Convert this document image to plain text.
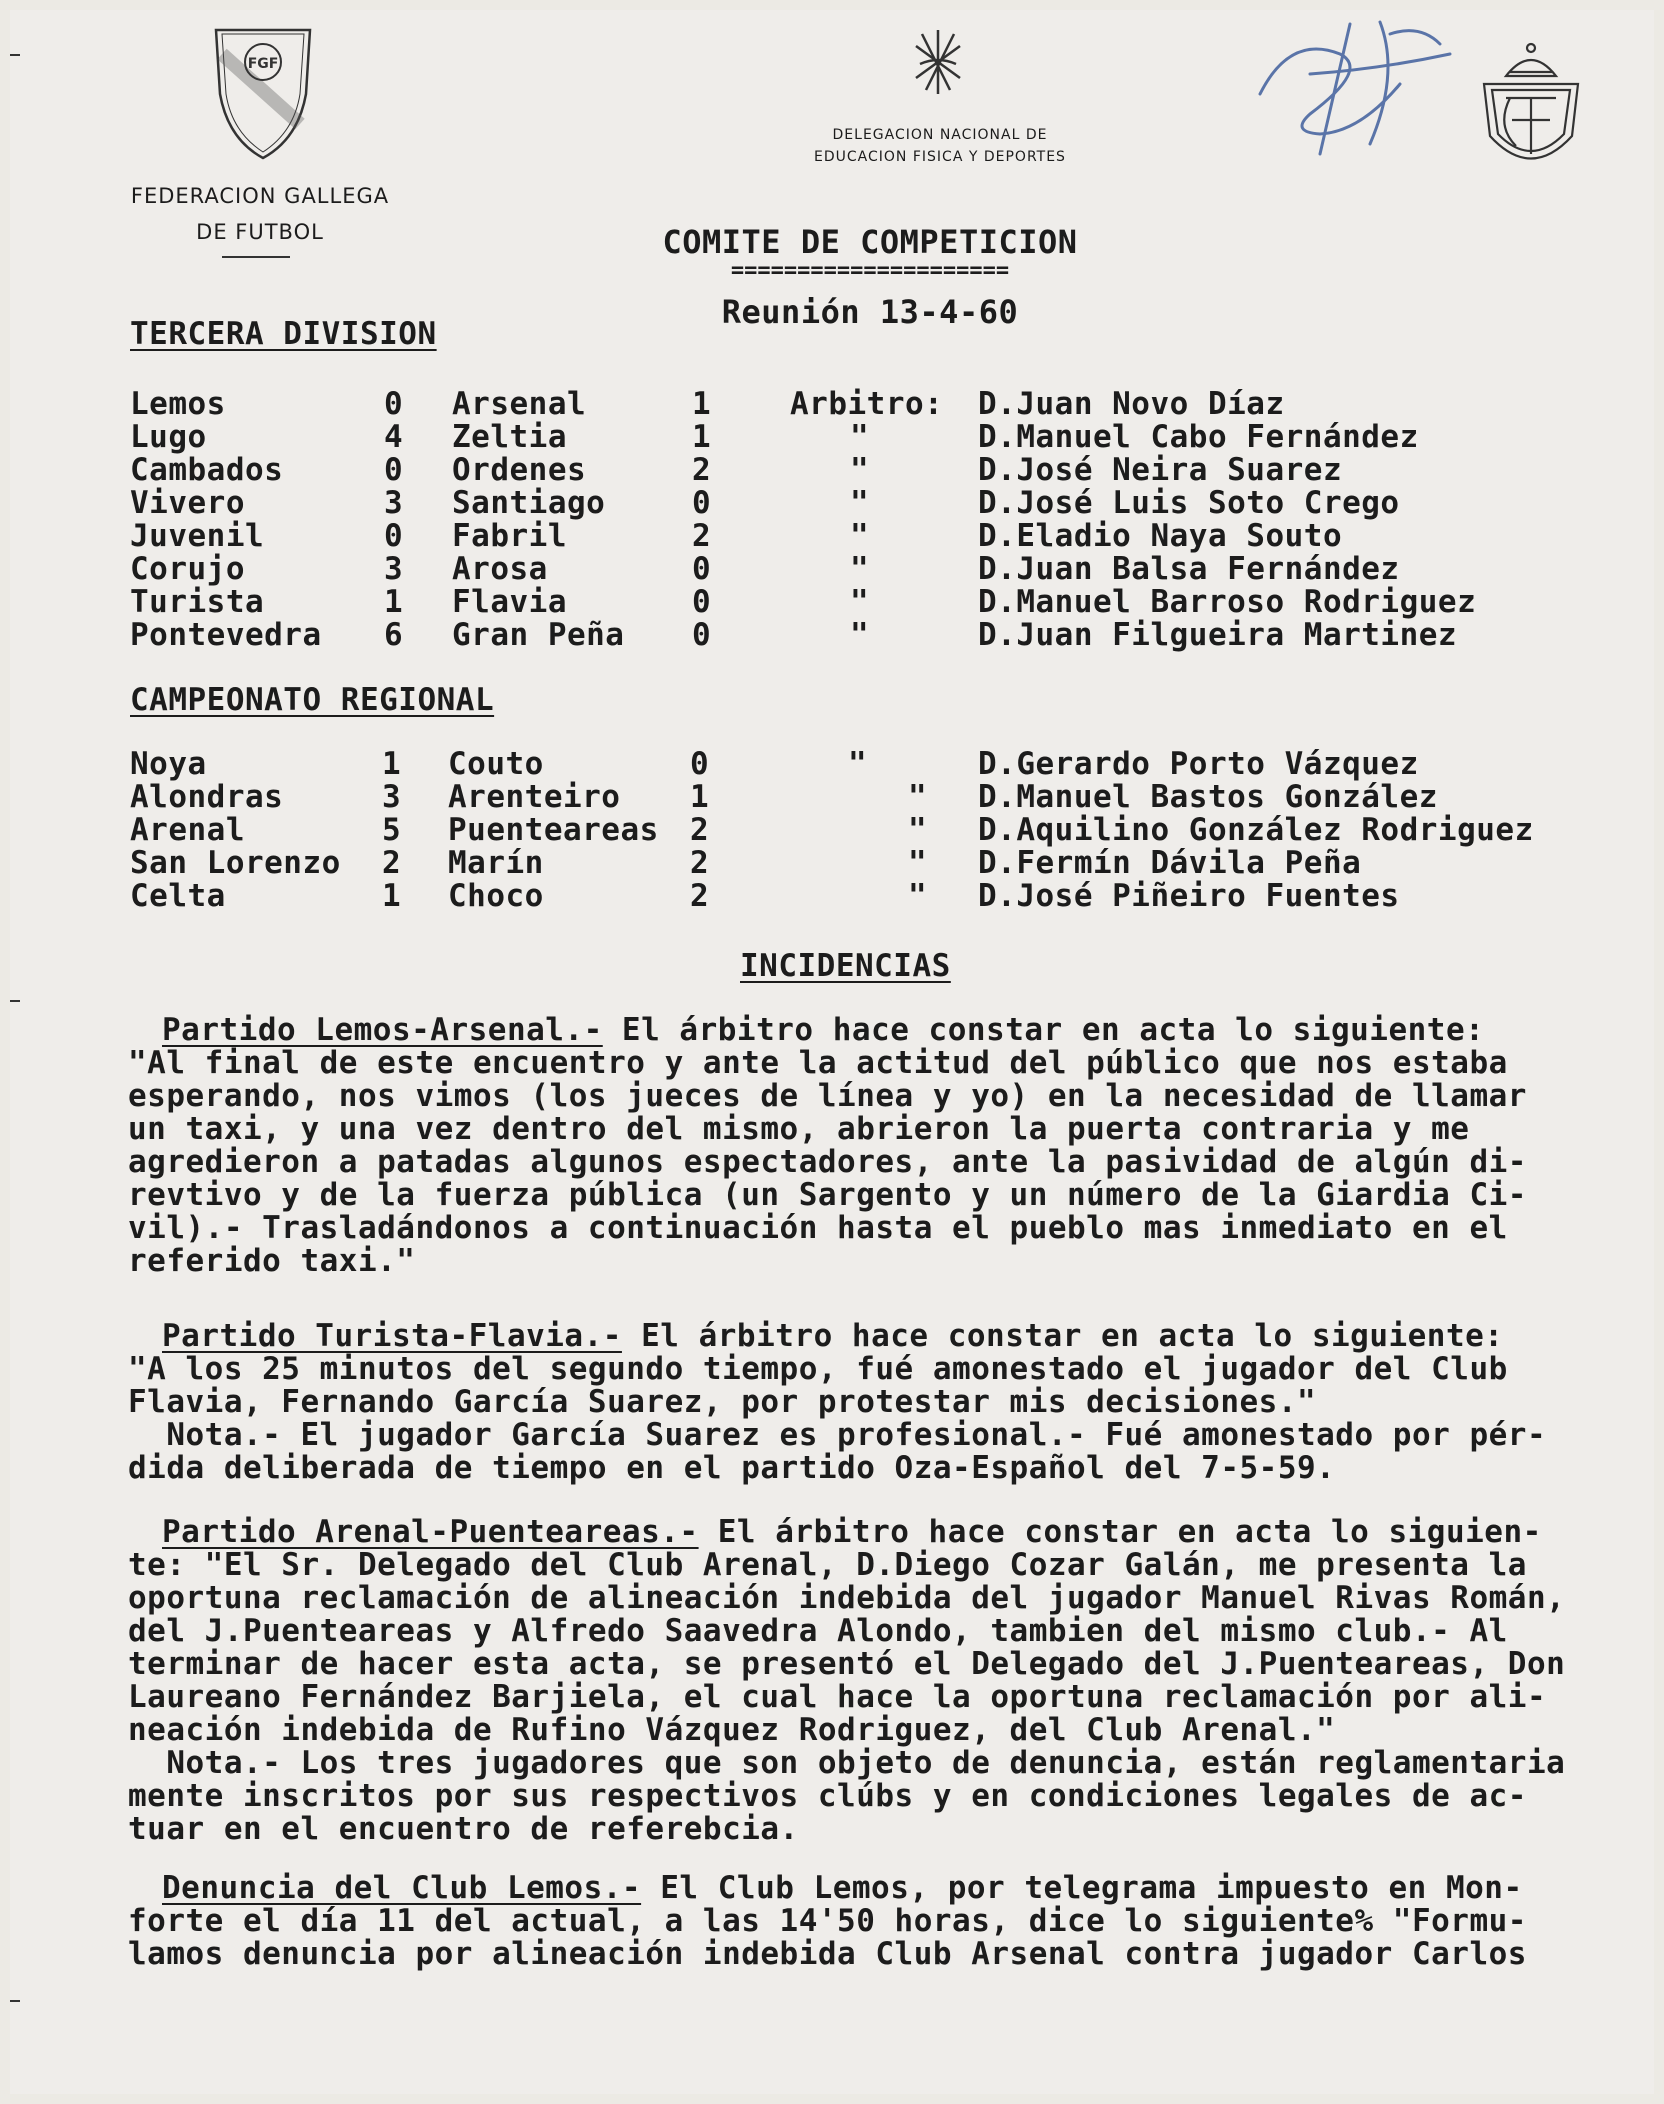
FGF
FEDERACION GALLEGA
DE FUTBOL
DELEGACION NACIONAL DE
EDUCACION FISICA Y DEPORTES
COMITE DE COMPETICION
=====================
Reunión 13-4-60
TERCERA DIVISION
Lemos	0 Arsenal	1	Arbitro: D.Juan Novo Díaz
Lugo	4 Zeltia	1	"	D.Manuel Cabo Fernández
Cambados	0 Ordenes	2	"	D.José Neira Suarez
Vivero	3 Santiago	0	"	D.José Luis Soto Crego
Juvenil	0 Fabril	2	"	D.Eladio Naya Souto
Corujo	3 Arosa	0	"	D.Juan Balsa Fernández
Turista	1 Flavia	0	"	D.Manuel Barroso Rodriguez
Pontevedra 6 Gran Peña 0	"	D.Juan Filgueira Martinez
CAMPEONATO REGIONAL
Noya	1 Couto	0	"	D.Gerardo Porto Vázquez
Alondras	3 Arenteiro 1	" D.Manuel Bastos González
Arenal	5 Puenteareas 2	" D.Aquilino González Rodriguez
San Lorenzo 2 Marín	2	" D.Fermín Dávila Peña
Celta	1 Choco	2	" D.José Piñeiro Fuentes
INCIDENCIAS
Partido Lemos-Arsenal.- El árbitro hace constar en acta lo siguiente:
"Al final de este encuentro y ante la actitud del público que nos estaba
esperando, nos vimos (los jueces de línea y yo) en la necesidad de llamar
un taxi, y una vez dentro del mismo, abrieron la puerta contraria y me
agredieron a patadas algunos espectadores, ante la pasividad de algún di-
revtivo y de la fuerza pública (un Sargento y un número de la Giardia Ci-
vil).- Trasladándonos a continuación hasta el pueblo mas inmediato en el
referido taxi."
Partido Turista-Flavia.- El árbitro hace constar en acta lo siguiente:
"A los 25 minutos del segundo tiempo, fué amonestado el jugador del Club
Flavia, Fernando García Suarez, por protestar mis decisiones."
Nota.- El jugador García Suarez es profesional.- Fué amonestado por pér-
dida deliberada de tiempo en el partido Oza-Español del 7-5-59.
Partido Arenal-Puenteareas.- El árbitro hace constar en acta lo siguien-
te: "El Sr. Delegado del Club Arenal, D.Diego Cozar Galán, me presenta la
oportuna reclamación de alineación indebida del jugador Manuel Rivas Román,
del J.Puenteareas y Alfredo Saavedra Alondo, tambien del mismo club.- Al
terminar de hacer esta acta, se presentó el Delegado del J.Puenteareas, Don
Laureano Fernández Barjiela, el cual hace la oportuna reclamación por ali-
neación indebida de Rufino Vázquez Rodriguez, del Club Arenal."
Nota.- Los tres jugadores que son objeto de denuncia, están reglamentaria
mente inscritos por sus respectivos clúbs y en condiciones legales de ac-
tuar en el encuentro de referebcia.
Denuncia del Club Lemos.- El Club Lemos, por telegrama impuesto en Mon-
forte el día 11 del actual, a las 14'50 horas, dice lo siguiente% "Formu-
lamos denuncia por alineación indebida Club Arsenal contra jugador Carlos
